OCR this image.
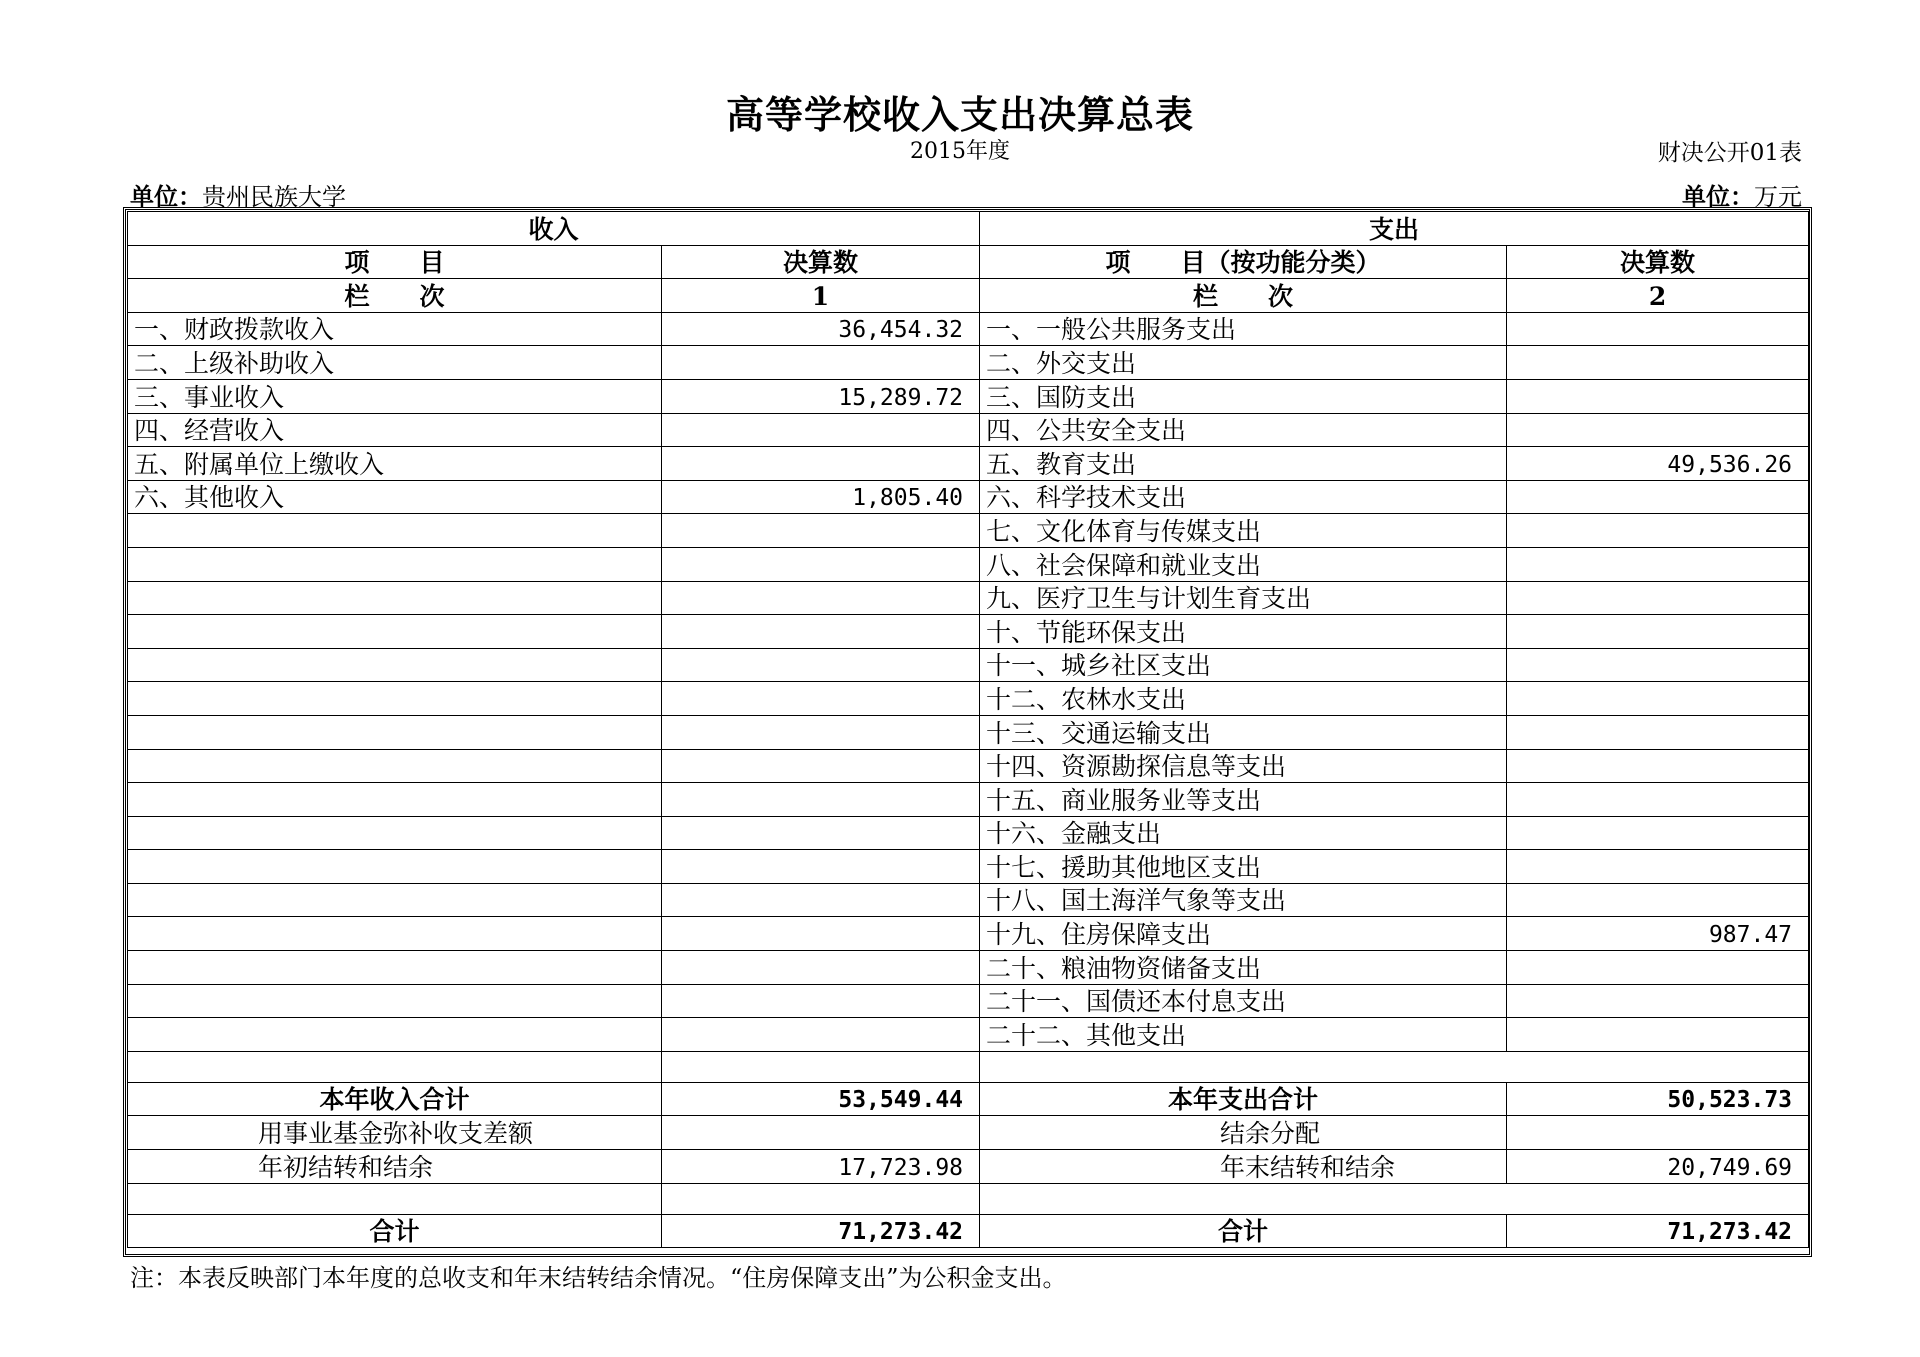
高等学校收入支出决算总表
2015年度	财决公开01表
单位：贵州民族大学	单位：万元
收入		支出	
项　　目	决算数	项　　目（按功能分类）	决算数
栏　　次	1	栏　　次	2
一、财政拨款收入	36,454.32	一、一般公共服务支出	
二、上级补助收入		二、外交支出	
三、事业收入	15,289.72	三、国防支出	
四、经营收入		四、公共安全支出	
五、附属单位上缴收入		五、教育支出	49,536.26
六、其他收入	1,805.40	六、科学技术支出	
		七、文化体育与传媒支出	
		八、社会保障和就业支出	
		九、医疗卫生与计划生育支出	
		十、节能环保支出	
		十一、城乡社区支出	
		十二、农林水支出	
		十三、交通运输支出	
		十四、资源勘探信息等支出	
		十五、商业服务业等支出	
		十六、金融支出	
		十七、援助其他地区支出	
		十八、国土海洋气象等支出	
		十九、住房保障支出	987.47
		二十、粮油物资储备支出	
		二十一、国债还本付息支出	
		二十二、其他支出	

本年收入合计	53,549.44	本年支出合计	50,523.73
用事业基金弥补收支差额		结余分配	
年初结转和结余	17,723.98	年末结转和结余	20,749.69

合计	71,273.42	合计	71,273.42
注：本表反映部门本年度的总收支和年末结转结余情况。“住房保障支出”为公积金支出。
